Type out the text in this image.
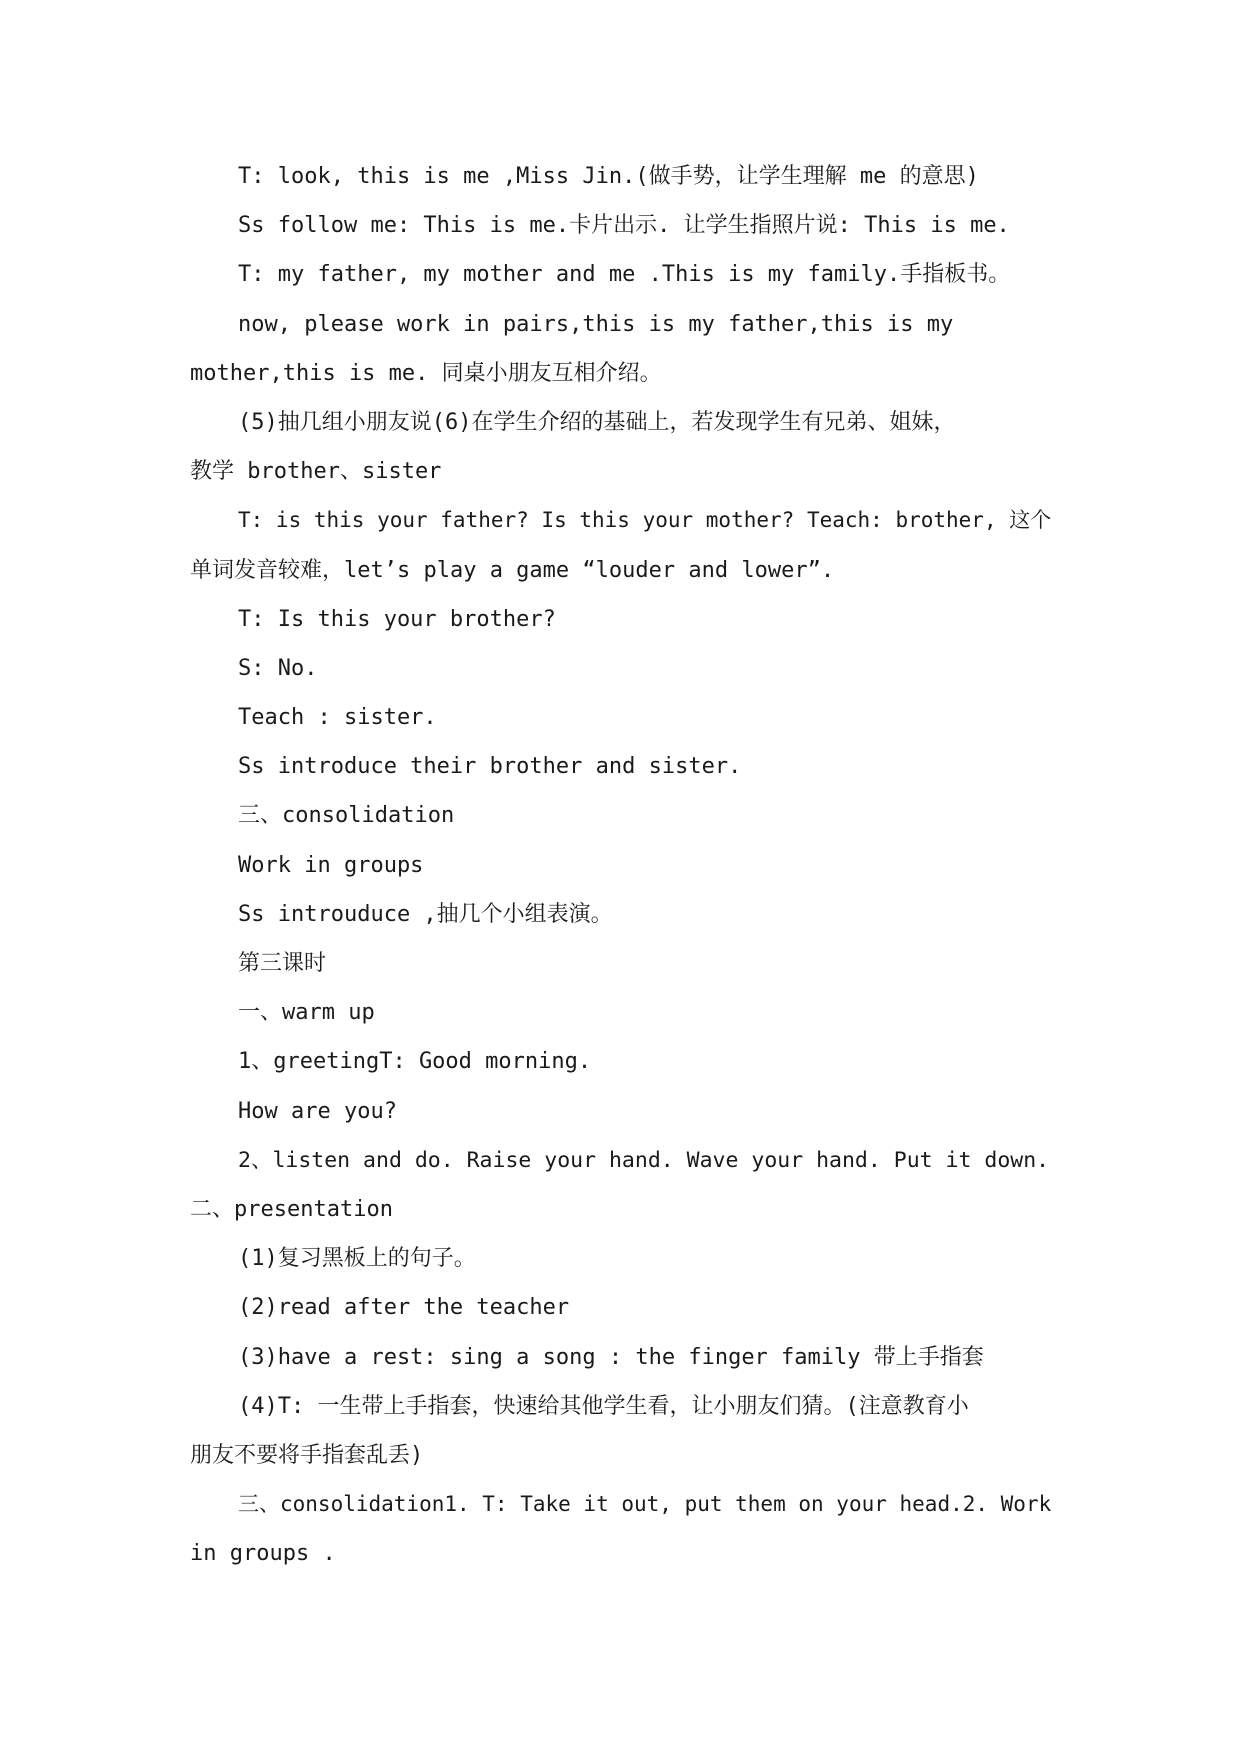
T: look, this is me ,Miss Jin.(做手势，让学生理解 me 的意思)
Ss follow me: This is me.卡片出示. 让学生指照片说: This is me.
T: my father, my mother and me .This is my family.手指板书。
now, please work in pairs,this is my father,this is my
mother,this is me. 同桌小朋友互相介绍。
(5)抽几组小朋友说(6)在学生介绍的基础上，若发现学生有兄弟、姐妹，
教学 brother、sister
T: is this your father? Is this your mother? Teach: brother, 这个
单词发音较难，let’s play a game “louder and lower”.
T: Is this your brother?
S: No.
Teach : sister.
Ss introduce their brother and sister.
三、consolidation
Work in groups
Ss introuduce ,抽几个小组表演。
第三课时
一、warm up
1、greetingT: Good morning.
How are you?
2、listen and do. Raise your hand. Wave your hand. Put it down.
二、presentation
(1)复习黑板上的句子。
(2)read after the teacher
(3)have a rest: sing a song : the finger family 带上手指套
(4)T: 一生带上手指套，快速给其他学生看，让小朋友们猜。(注意教育小
朋友不要将手指套乱丢)
三、consolidation1. T: Take it out, put them on your head.2. Work
in groups .
